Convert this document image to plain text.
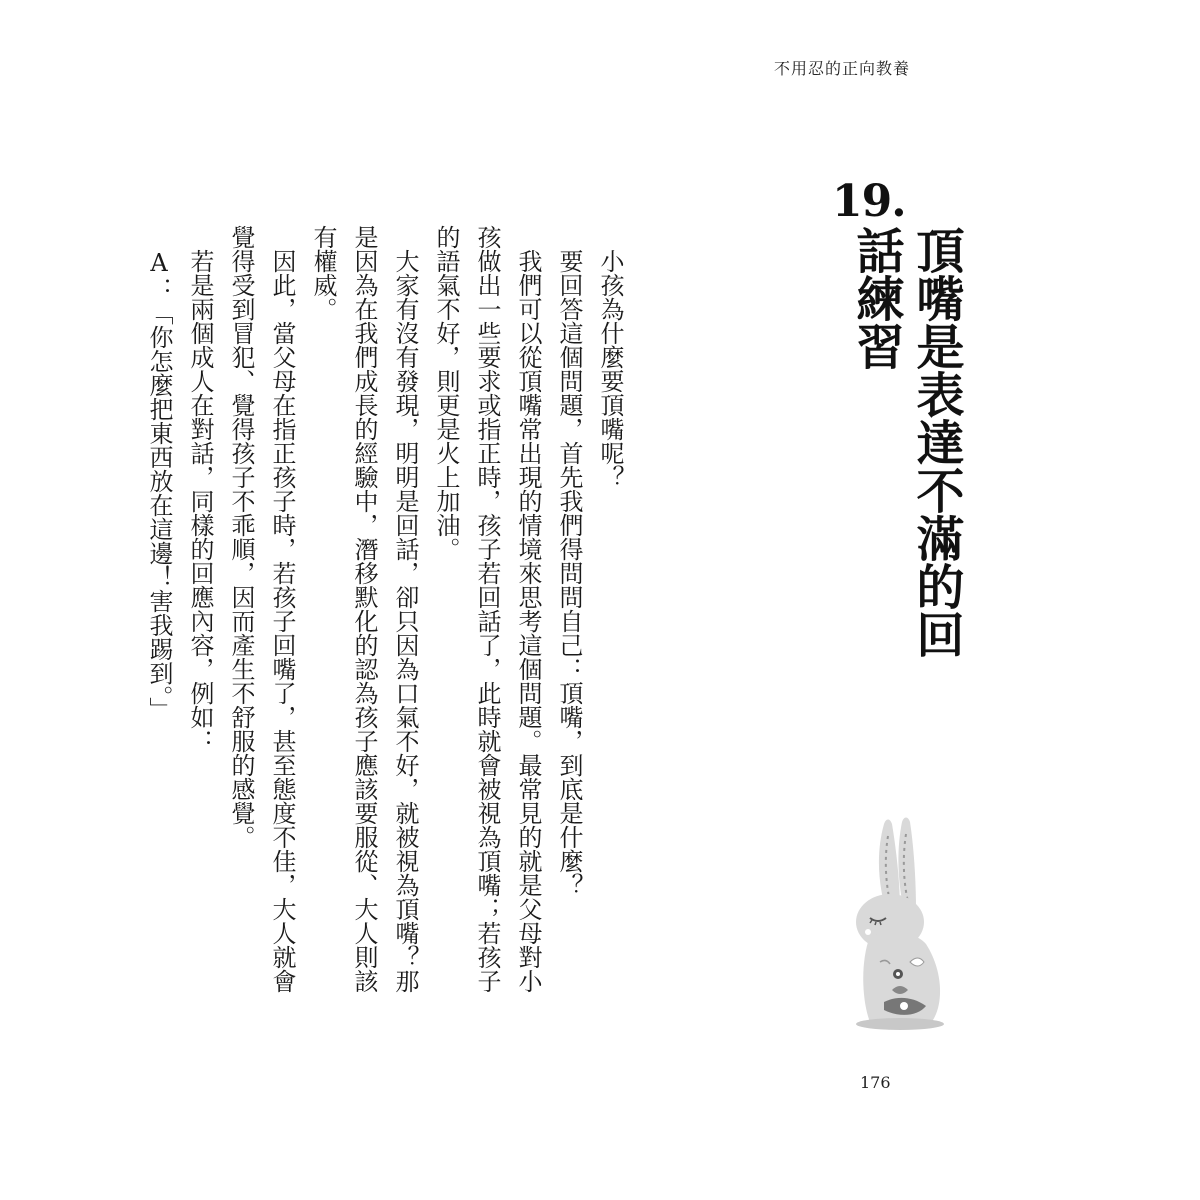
不用忍的正向教養
19.
頂嘴是表達不滿的回話練習

小孩為什麼要頂嘴呢？

要回答這個問題，首先我們得問問自己：頂嘴，到底是什麼？

我們可以從頂嘴常出現的情境來思考這個問題。最常見的就是父母對小孩做出一些要求或指正時，孩子若回話了，此時就會被視為頂嘴；若孩子的語氣不好，則更是火上加油。

大家有沒有發現，明明是回話，卻只因為口氣不好，就被視為頂嘴？那是因為在我們成長的經驗中，潛移默化的認為孩子應該要服從、大人則該有權威。

因此，當父母在指正孩子時，若孩子回嘴了，甚至態度不佳，大人就會覺得受到冒犯、覺得孩子不乖順，因而產生不舒服的感覺。

若是兩個成人在對話，同樣的回應內容，例如：

A：「你怎麼把東西放在這邊！害我踢到。」

176
